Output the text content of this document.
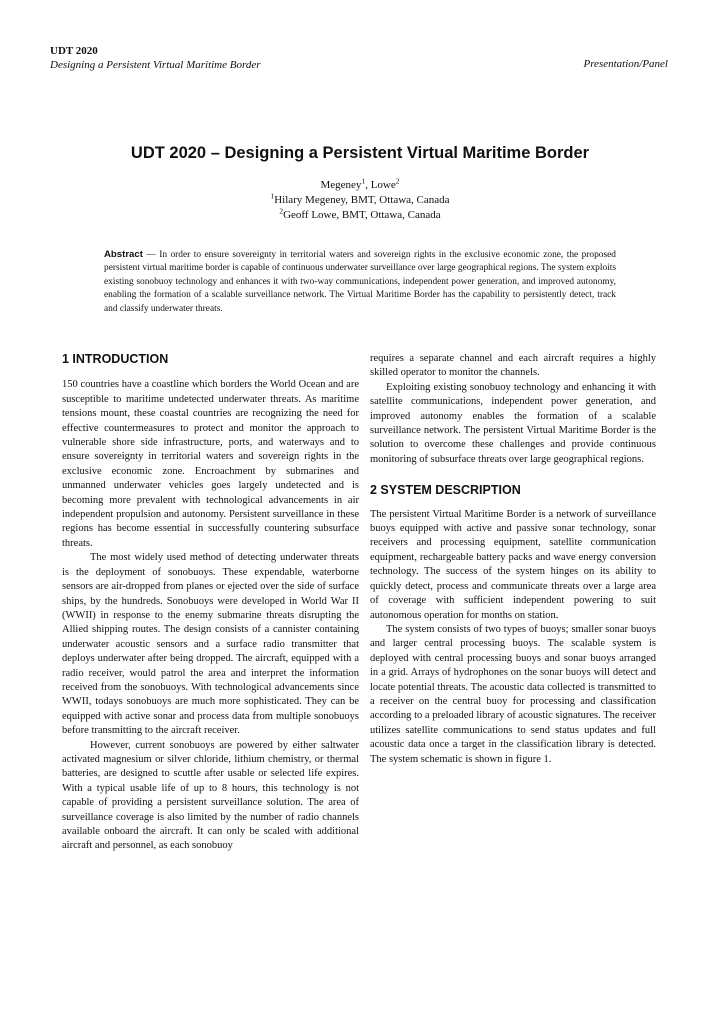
UDT 2020
Designing a Persistent Virtual Maritime Border	Presentation/Panel
UDT 2020 – Designing a Persistent Virtual Maritime Border
Megeney$^1$, Lowe$^2$
$^1$Hilary Megeney, BMT, Ottawa, Canada
$^2$Geoff Lowe, BMT, Ottawa, Canada
Abstract — In order to ensure sovereignty in territorial waters and sovereign rights in the exclusive economic zone, the proposed persistent virtual maritime border is capable of continuous underwater surveillance over large geographical regions. The system exploits existing sonobuoy technology and enhances it with two-way communications, independent power generation, and improved autonomy, enabling the formation of a scalable surveillance network. The Virtual Maritime Border has the capability to persistently detect, track and classify underwater threats.
1 INTRODUCTION

150 countries have a coastline which borders the World Ocean and are susceptible to maritime undetected underwater threats. As maritime tensions mount, these coastal countries are recognizing the need for effective countermeasures to protect and monitor the approach to vulnerable shore side infrastructure, ports, and waterways and to ensure sovereignty in territorial waters and sovereign rights in the exclusive economic zone. Encroachment by submarines and unmanned underwater vehicles goes largely undetected and is becoming more prevalent with technological advancements in air independent propulsion and autonomy. Persistent surveillance in these regions has become essential in successfully countering subsurface threats.

The most widely used method of detecting underwater threats is the deployment of sonobuoys. These expendable, waterborne sensors are air-dropped from planes or ejected over the side of surface ships, by the hundreds. Sonobuoys were developed in World War II (WWII) in response to the enemy submarine threats disrupting the Allied shipping routes. The design consists of a cannister containing underwater acoustic sensors and a surface radio transmitter that deploys underwater after being dropped. The aircraft, equipped with a radio receiver, would patrol the area and interpret the information received from the sonobuoys. With technological advancements since WWII, todays sonobuoys are much more sophisticated. They can be equipped with active sonar and process data from multiple sonobuoys before transmitting to the aircraft receiver.

However, current sonobuoys are powered by either saltwater activated magnesium or silver chloride, lithium chemistry, or thermal batteries, are designed to scuttle after usable or selected life expires. With a typical usable life of up to 8 hours, this technology is not capable of providing a persistent surveillance solution. The area of surveillance coverage is also limited by the number of radio channels available onboard the aircraft. It can only be scaled with additional aircraft and personnel, as each sonobuoy

requires a separate channel and each aircraft requires a highly skilled operator to monitor the channels.

Exploiting existing sonobuoy technology and enhancing it with satellite communications, independent power generation, and improved autonomy enables the formation of a scalable surveillance network. The persistent Virtual Maritime Border is the solution to overcome these challenges and provide continuous monitoring of subsurface threats over large geographical regions.

2 SYSTEM DESCRIPTION

The persistent Virtual Maritime Border is a network of surveillance buoys equipped with active and passive sonar technology, sonar receivers and processing equipment, satellite communication equipment, rechargeable battery packs and wave energy conversion technology. The success of the system hinges on its ability to quickly detect, process and communicate threats over a large area of coverage with sufficient independent powering to suit autonomous operation for months on station.

The system consists of two types of buoys; smaller sonar buoys and larger central processing buoys. The scalable system is deployed with central processing buoys and sonar buoys arranged in a grid. Arrays of hydrophones on the sonar buoys will detect and locate potential threats. The acoustic data collected is transmitted to a receiver on the central buoy for processing and classification according to a preloaded library of acoustic signatures. The receiver utilizes satellite communications to send status updates and full acoustic data once a target in the classification library is detected. The system schematic is shown in figure 1.
